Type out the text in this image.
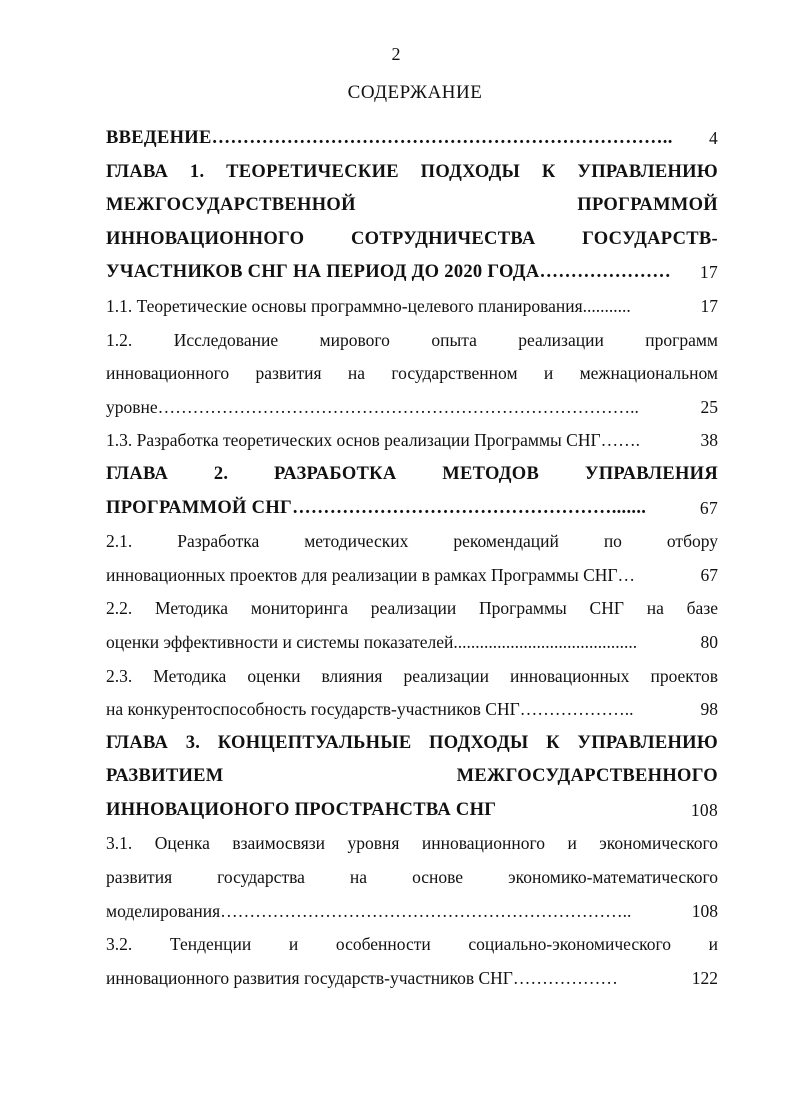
2
СОДЕРЖАНИЕ
ВВЕДЕНИЕ……………………………………………………………….. 4
ГЛАВА 1. ТЕОРЕТИЧЕСКИЕ ПОДХОДЫ К УПРАВЛЕНИЮ
МЕЖГОСУДАРСТВЕННОЙ ПРОГРАММОЙ
ИННОВАЦИОННОГО СОТРУДНИЧЕСТВА ГОСУДАРСТВ-
УЧАСТНИКОВ СНГ НА ПЕРИОД ДО 2020 ГОДА………………… 17
1.1. Теоретические основы программно-целевого планирования...........	17
1.2. Исследование мирового опыта реализации программ
инновационного развития на государственном и межнациональном
уровне………………………………………………………………………..	25
1.3. Разработка теоретических основ реализации Программы СНГ…….	38
ГЛАВА 2. РАЗРАБОТКА МЕТОДОВ УПРАВЛЕНИЯ
ПРОГРАММОЙ СНГ…………………………………………….......	67
2.1. Разработка методических рекомендаций по отбору
инновационных проектов для реализации в рамках Программы СНГ…	67
2.2. Методика мониторинга реализации Программы СНГ на базе
оценки эффективности и системы показателей..........................................	80
2.3. Методика оценки влияния реализации инновационных проектов
на конкурентоспособность государств-участников СНГ………………..	98
ГЛАВА 3. КОНЦЕПТУАЛЬНЫЕ ПОДХОДЫ К УПРАВЛЕНИЮ
РАЗВИТИЕМ МЕЖГОСУДАРСТВЕННОГО
ИННОВАЦИОНОГО ПРОСТРАНСТВА СНГ	108
3.1. Оценка взаимосвязи уровня инновационного и экономического
развития государства на основе экономико-математического
моделирования……………………………………………………………..	108
3.2. Тенденции и особенности социально-экономического и
инновационного развития государств-участников СНГ………………	122
